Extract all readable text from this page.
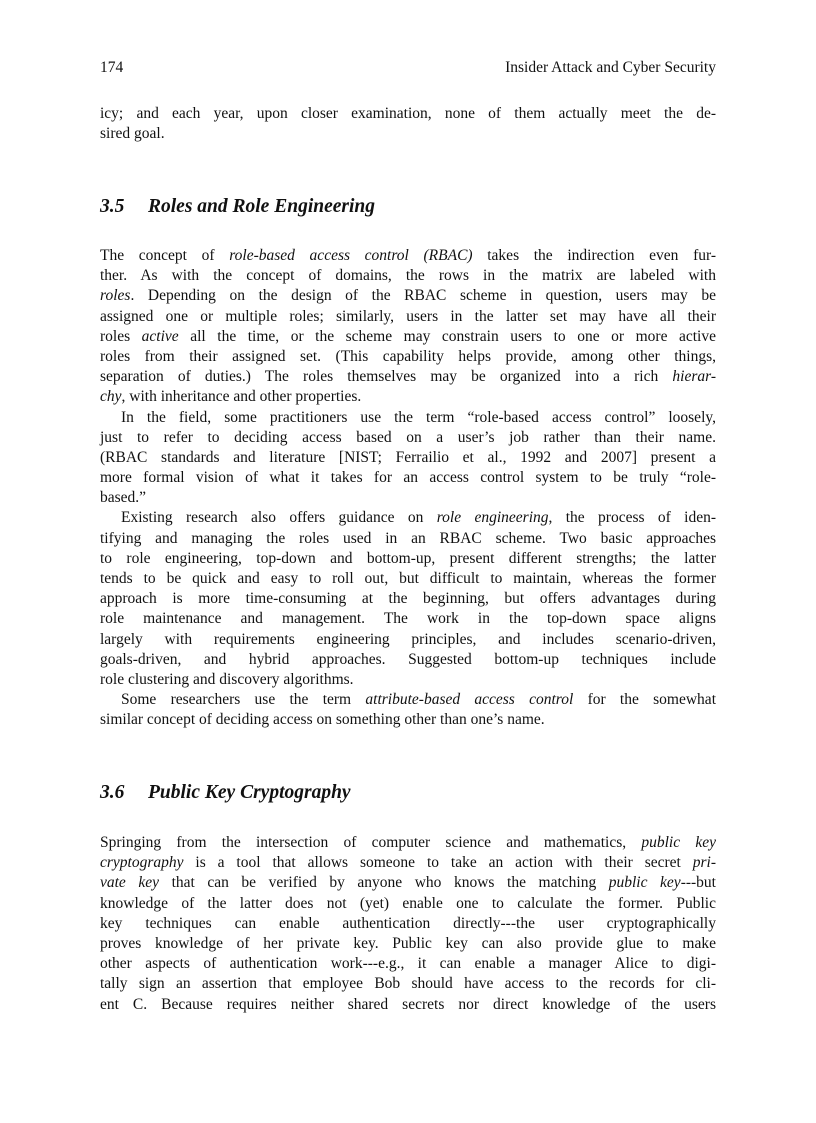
174	Insider Attack and Cyber Security
icy; and each year, upon closer examination, none of them actually meet the de-
sired goal.
3.5 Roles and Role Engineering
The concept of role-based access control (RBAC) takes the indirection even fur-
ther. As with the concept of domains, the rows in the matrix are labeled with
roles. Depending on the design of the RBAC scheme in question, users may be
assigned one or multiple roles; similarly, users in the latter set may have all their
roles active all the time, or the scheme may constrain users to one or more active
roles from their assigned set. (This capability helps provide, among other things,
separation of duties.) The roles themselves may be organized into a rich hierar-
chy, with inheritance and other properties.
In the field, some practitioners use the term “role-based access control” loosely,
just to refer to deciding access based on a user’s job rather than their name.
(RBAC standards and literature [NIST; Ferrailio et al., 1992 and 2007] present a
more formal vision of what it takes for an access control system to be truly “role-
based.”
Existing research also offers guidance on role engineering, the process of iden-
tifying and managing the roles used in an RBAC scheme. Two basic approaches
to role engineering, top-down and bottom-up, present different strengths; the latter
tends to be quick and easy to roll out, but difficult to maintain, whereas the former
approach is more time-consuming at the beginning, but offers advantages during
role maintenance and management. The work in the top-down space aligns
largely with requirements engineering principles, and includes scenario-driven,
goals-driven, and hybrid approaches. Suggested bottom-up techniques include
role clustering and discovery algorithms.
Some researchers use the term attribute-based access control for the somewhat
similar concept of deciding access on something other than one’s name.
3.6 Public Key Cryptography
Springing from the intersection of computer science and mathematics, public key
cryptography is a tool that allows someone to take an action with their secret pri-
vate key that can be verified by anyone who knows the matching public key---but
knowledge of the latter does not (yet) enable one to calculate the former. Public
key techniques can enable authentication directly---the user cryptographically
proves knowledge of her private key. Public key can also provide glue to make
other aspects of authentication work---e.g., it can enable a manager Alice to digi-
tally sign an assertion that employee Bob should have access to the records for cli-
ent C. Because requires neither shared secrets nor direct knowledge of the users
